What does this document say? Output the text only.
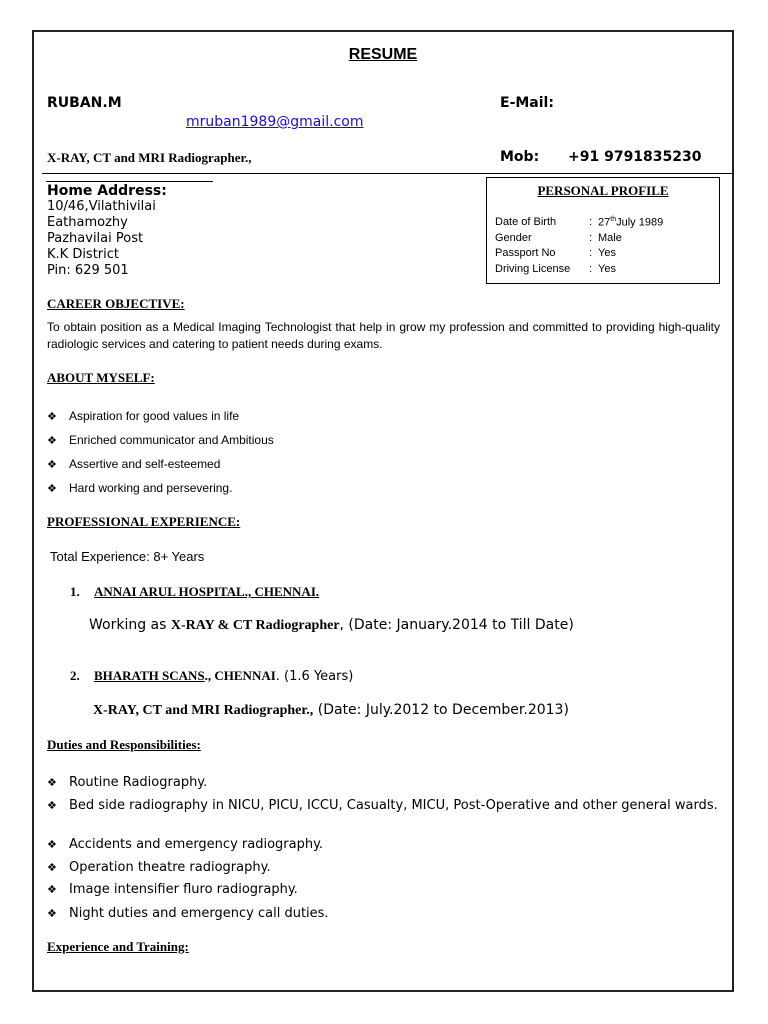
RESUME
RUBAN.M	E-Mail:
mruban1989@gmail.com
X-RAY, CT and MRI Radiographer.,	Mob: +91 9791835230
Home Address:
10/46,Vilathivilai
Eathamozhy
Pazhavilai Post
K.K District
Pin: 629 501
PERSONAL PROFILE
Date of Birth	: 27thJuly 1989
Gender	: Male
Passport No	: Yes
Driving License : Yes
CAREER OBJECTIVE:
To obtain position as a Medical Imaging Technologist that help in grow my profession and committed to providing high-quality radiologic services and catering to patient needs during exams.
ABOUT MYSELF:
❖ Aspiration for good values in life
❖ Enriched communicator and Ambitious
❖ Assertive and self-esteemed
❖ Hard working and persevering.
PROFESSIONAL EXPERIENCE:
Total Experience: 8+ Years
1. ANNAI ARUL HOSPITAL., CHENNAI.
Working as X-RAY & CT Radiographer, (Date: January.2014 to Till Date)
2. BHARATH SCANS., CHENNAI. (1.6 Years)
X-RAY, CT and MRI Radiographer., (Date: July.2012 to December.2013)
Duties and Responsibilities:
❖ Routine Radiography.
❖ Bed side radiography in NICU, PICU, ICCU, Casualty, MICU, Post-Operative and other general wards.
❖ Accidents and emergency radiography.
❖ Operation theatre radiography.
❖ Image intensifier fluro radiography.
❖ Night duties and emergency call duties.
Experience and Training:
